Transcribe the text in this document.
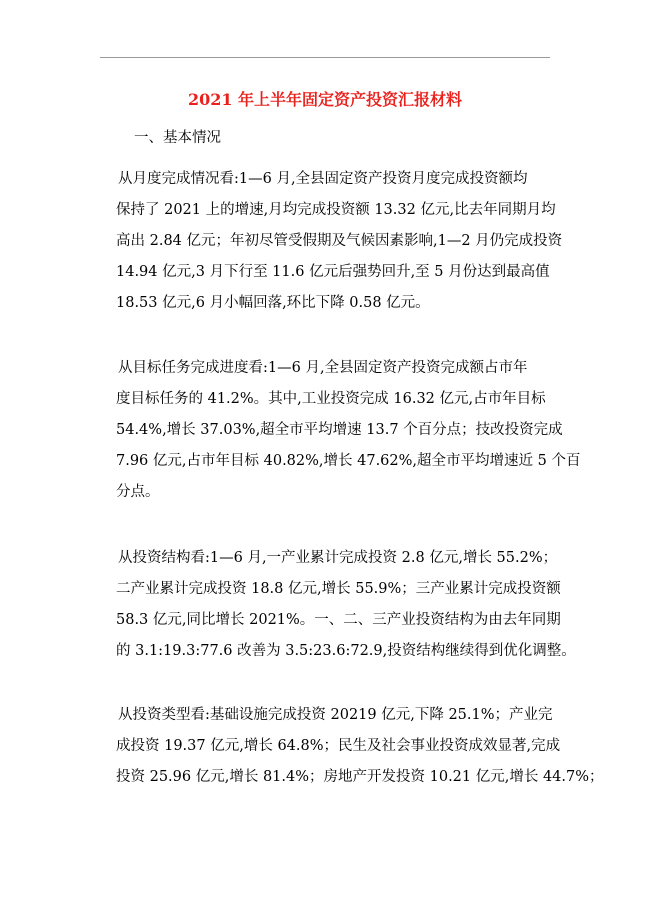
2021 年上半年固定资产投资汇报材料
一、基本情况
从月度完成情况看:1—6 月,全县固定资产投资月度完成投资额均
保持了 2021 上的增速,月均完成投资额 13.32 亿元,比去年同期月均
高出 2.84 亿元；年初尽管受假期及气候因素影响,1—2 月仍完成投资
14.94 亿元,3 月下行至 11.6 亿元后强势回升,至 5 月份达到最高值
18.53 亿元,6 月小幅回落,环比下降 0.58 亿元。
从目标任务完成进度看:1—6 月,全县固定资产投资完成额占市年
度目标任务的 41.2%。其中,工业投资完成 16.32 亿元,占市年目标
54.4%,增长 37.03%,超全市平均增速 13.7 个百分点；技改投资完成
7.96 亿元,占市年目标 40.82%,增长 47.62%,超全市平均增速近 5 个百
分点。
从投资结构看:1—6 月,一产业累计完成投资 2.8 亿元,增长 55.2%；
二产业累计完成投资 18.8 亿元,增长 55.9%；三产业累计完成投资额
58.3 亿元,同比增长 2021%。一、二、三产业投资结构为由去年同期
的 3.1:19.3:77.6 改善为 3.5:23.6:72.9,投资结构继续得到优化调整。
从投资类型看:基础设施完成投资 20219 亿元,下降 25.1%；产业完
成投资 19.37 亿元,增长 64.8%；民生及社会事业投资成效显著,完成
投资 25.96 亿元,增长 81.4%；房地产开发投资 10.21 亿元,增长 44.7%；
